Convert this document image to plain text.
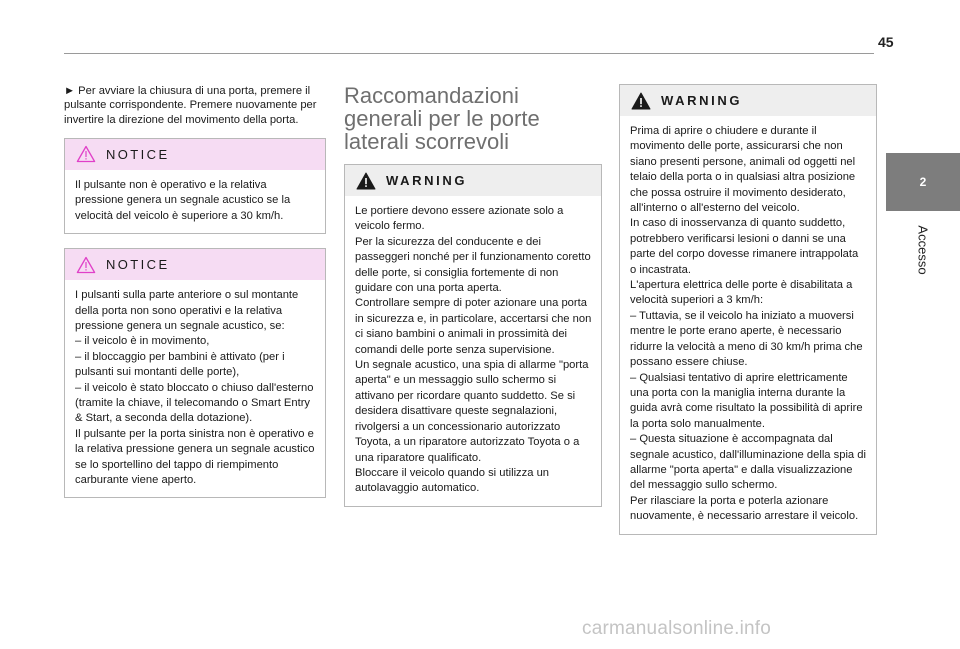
45
2
Accesso

► Per avviare la chiusura di una porta, premere il pulsante corrispondente. Premere nuovamente per invertire la direzione del movimento della porta.

NOTICE

Il pulsante non è operativo e la relativa pressione genera un segnale acustico se la velocità del veicolo è superiore a 30 km/h.

NOTICE

I pulsanti sulla parte anteriore o sul montante della porta non sono operativi e la relativa pressione genera un segnale acustico, se:

– il veicolo è in movimento,

– il bloccaggio per bambini è attivato (per i pulsanti sui montanti delle porte),

– il veicolo è stato bloccato o chiuso dall'esterno (tramite la chiave, il telecomando o Smart Entry & Start, a seconda della dotazione).

Il pulsante per la porta sinistra non è operativo e la relativa pressione genera un segnale acustico se lo sportellino del tappo di riempimento carburante viene aperto.

Raccomandazioni generali per le porte laterali scorrevoli
WARNING

Le portiere devono essere azionate solo a veicolo fermo.

Per la sicurezza del conducente e dei passeggeri nonché per il funzionamento coretto delle porte, si consiglia fortemente di non guidare con una porta aperta.

Controllare sempre di poter azionare una porta in sicurezza e, in particolare, accertarsi che non ci siano bambini o animali in prossimità dei comandi delle porte senza supervisione.

Un segnale acustico, una spia di allarme "porta aperta" e un messaggio sullo schermo si attivano per ricordare quanto suddetto. Se si desidera disattivare queste segnalazioni, rivolgersi a un concessionario autorizzato Toyota, a un riparatore autorizzato Toyota o a una riparatore qualificato.

Bloccare il veicolo quando si utilizza un autolavaggio automatico.

WARNING

Prima di aprire o chiudere e durante il movimento delle porte, assicurarsi che non siano presenti persone, animali od oggetti nel telaio della porta o in qualsiasi altra posizione che possa ostruire il movimento desiderato, all'interno o all'esterno del veicolo.

In caso di inosservanza di quanto suddetto, potrebbero verificarsi lesioni o danni se una parte del corpo dovesse rimanere intrappolata o incastrata.

L'apertura elettrica delle porte è disabilitata a velocità superiori a 3 km/h:

– Tuttavia, se il veicolo ha iniziato a muoversi mentre le porte erano aperte, è necessario ridurre la velocità a meno di 30 km/h prima che possano essere chiuse.

– Qualsiasi tentativo di aprire elettricamente una porta con la maniglia interna durante la guida avrà come risultato la possibilità di aprire la porta solo manualmente.

– Questa situazione è accompagnata dal segnale acustico, dall'illuminazione della spia di allarme "porta aperta" e dalla visualizzazione del messaggio sullo schermo.

Per rilasciare la porta e poterla azionare nuovamente, è necessario arrestare il veicolo.

carmanualsonline.info
